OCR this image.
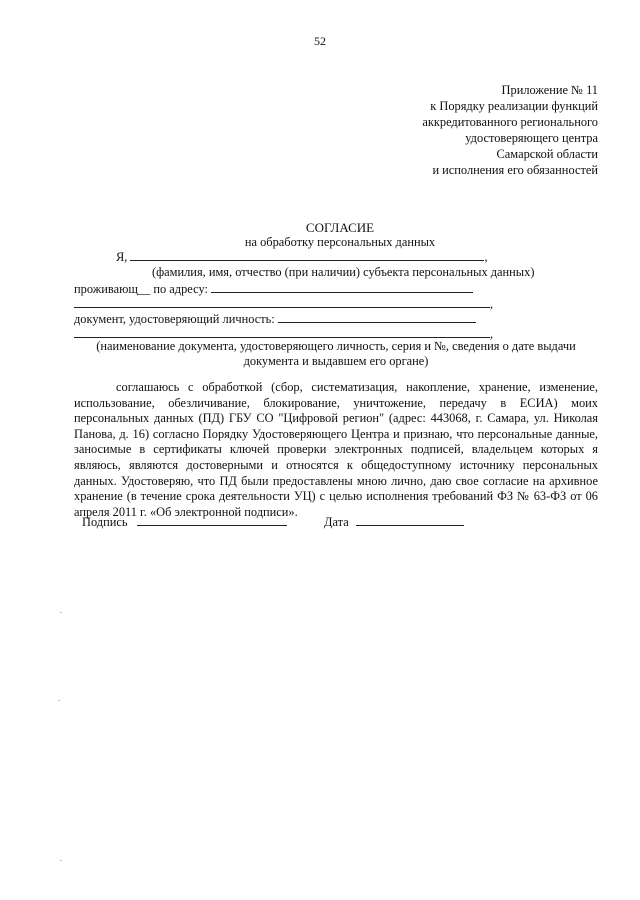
52
Приложение № 11
к Порядку реализации функций
аккредитованного регионального
удостоверяющего центра
Самарской области
и исполнения его обязанностей
СОГЛАСИЕ
на обработку персональных данных
Я,	,
(фамилия, имя, отчество (при наличии) субъекта персональных данных)
проживающ__ по адресу:
,
документ, удостоверяющий личность:
,
(наименование документа, удостоверяющего личность, серия и №, сведения о дате выдачи
документа и выдавшем его органе)

соглашаюсь с обработкой (сбор, систематизация, накопление, хранение, изменение, использование, обезличивание, блокирование, уничтожение, передачу в ЕСИА) моих персональных данных (ПД) ГБУ СО "Цифровой регион" (адрес: 443068, г. Самара, ул. Николая Панова, д. 16) согласно Порядку Удостоверяющего Центра и признаю, что персональные данные, заносимые в сертификаты ключей проверки электронных подписей, владельцем которых я являюсь, являются достоверными и относятся к общедоступному источнику персональных данных. Удостоверяю, что ПД были предоставлены мною лично, даю свое согласие на архивное хранение (в течение срока деятельности УЦ) с целью исполнения требований ФЗ № 63-ФЗ от 06 апреля 2011 г. «Об электронной подписи».

Подпись	Дата
